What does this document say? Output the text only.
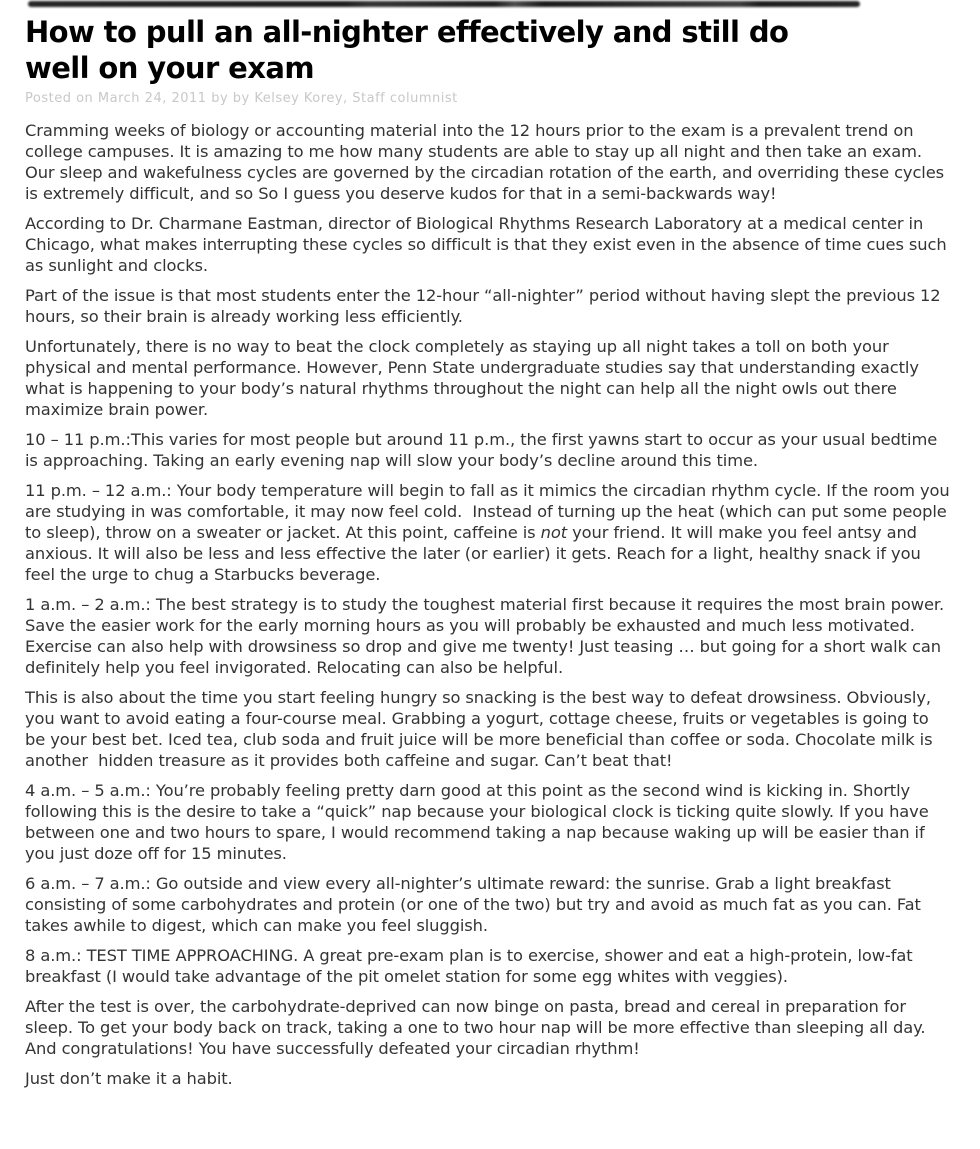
How to pull an all-nighter effectively and still do
well on your exam
Posted on March 24, 2011 by by Kelsey Korey, Staff columnist

Cramming weeks of biology or accounting material into the 12 hours prior to the exam is a prevalent trend on college campuses. It is amazing to me how many students are able to stay up all night and then take an exam. Our sleep and wakefulness cycles are governed by the circadian rotation of the earth, and overriding these cycles is extremely difficult, and so So I guess you deserve kudos for that in a semi-backwards way!

According to Dr. Charmane Eastman, director of Biological Rhythms Research Laboratory at a medical center in Chicago, what makes interrupting these cycles so difficult is that they exist even in the absence of time cues such as sunlight and clocks.

Part of the issue is that most students enter the 12-hour “all-nighter” period without having slept the previous 12 hours, so their brain is already working less efficiently.

Unfortunately, there is no way to beat the clock completely as staying up all night takes a toll on both your physical and mental performance. However, Penn State undergraduate studies say that understanding exactly what is happening to your body’s natural rhythms throughout the night can help all the night owls out there maximize brain power.

10 – 11 p.m.:This varies for most people but around 11 p.m., the first yawns start to occur as your usual bedtime is approaching. Taking an early evening nap will slow your body’s decline around this time.

11 p.m. – 12 a.m.: Your body temperature will begin to fall as it mimics the circadian rhythm cycle. If the room you are studying in was comfortable, it may now feel cold.  Instead of turning up the heat (which can put some people to sleep), throw on a sweater or jacket. At this point, caffeine is not your friend. It will make you feel antsy and anxious. It will also be less and less effective the later (or earlier) it gets. Reach for a light, healthy snack if you feel the urge to chug a Starbucks beverage.

1 a.m. – 2 a.m.: The best strategy is to study the toughest material first because it requires the most brain power. Save the easier work for the early morning hours as you will probably be exhausted and much less motivated. Exercise can also help with drowsiness so drop and give me twenty! Just teasing … but going for a short walk can definitely help you feel invigorated. Relocating can also be helpful.

This is also about the time you start feeling hungry so snacking is the best way to defeat drowsiness. Obviously, you want to avoid eating a four-course meal. Grabbing a yogurt, cottage cheese, fruits or vegetables is going to be your best bet. Iced tea, club soda and fruit juice will be more beneficial than coffee or soda. Chocolate milk is another  hidden treasure as it provides both caffeine and sugar. Can’t beat that!

4 a.m. – 5 a.m.: You’re probably feeling pretty darn good at this point as the second wind is kicking in. Shortly following this is the desire to take a “quick” nap because your biological clock is ticking quite slowly. If you have between one and two hours to spare, I would recommend taking a nap because waking up will be easier than if you just doze off for 15 minutes.

6 a.m. – 7 a.m.: Go outside and view every all-nighter’s ultimate reward: the sunrise. Grab a light breakfast consisting of some carbohydrates and protein (or one of the two) but try and avoid as much fat as you can. Fat takes awhile to digest, which can make you feel sluggish.

8 a.m.: TEST TIME APPROACHING. A great pre-exam plan is to exercise, shower and eat a high-protein, low-fat breakfast (I would take advantage of the pit omelet station for some egg whites with veggies).

After the test is over, the carbohydrate-deprived can now binge on pasta, bread and cereal in preparation for sleep. To get your body back on track, taking a one to two hour nap will be more effective than sleeping all day. And congratulations! You have successfully defeated your circadian rhythm!

Just don’t make it a habit.
